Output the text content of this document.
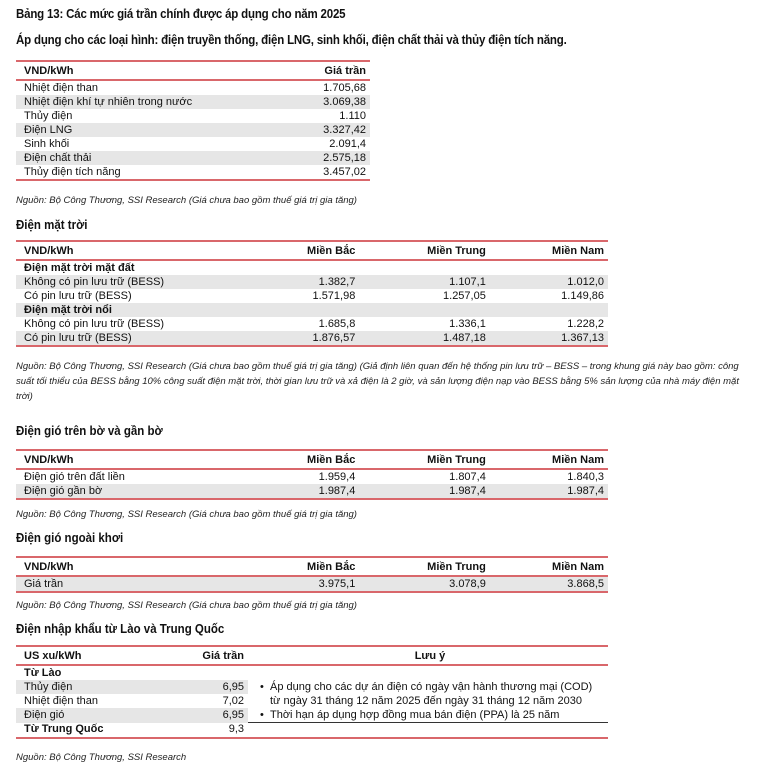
Bảng 13: Các mức giá trần chính được áp dụng cho năm 2025
Áp dụng cho các loại hình: điện truyền thống, điện LNG, sinh khối, điện chất thải và thủy điện tích năng.
VND/kWh	Giá trần
Nhiệt điện than	1.705,68
Nhiệt điện khí tự nhiên trong nước	3.069,38
Thủy điện	1.110
Điện LNG	3.327,42
Sinh khối	2.091,4
Điện chất thải	2.575,18
Thủy điện tích năng	3.457,02
Nguồn: Bộ Công Thương, SSI Research (Giá chưa bao gồm thuế giá trị gia tăng)
Điện mặt trời
VND/kWh	Miền Bắc	Miền Trung	Miền Nam
Điện mặt trời mặt đất			
Không có pin lưu trữ (BESS)	1.382,7	1.107,1	1.012,0
Có pin lưu trữ (BESS)	1.571,98	1.257,05	1.149,86
Điện mặt trời nổi			
Không có pin lưu trữ (BESS)	1.685,8	1.336,1	1.228,2
Có pin lưu trữ (BESS)	1.876,57	1.487,18	1.367,13
Nguồn: Bộ Công Thương, SSI Research (Giá chưa bao gồm thuế giá trị gia tăng) (Giả định liên quan đến hệ thống pin lưu trữ – BESS – trong khung giá này bao gồm: công suất tối thiểu của BESS bằng 10% công suất điện mặt trời, thời gian lưu trữ và xả điện là 2 giờ, và sản lượng điện nạp vào BESS bằng 5% sản lượng của nhà máy điện mặt trời)
Điện gió trên bờ và gần bờ
VND/kWh	Miền Bắc	Miền Trung	Miền Nam
Điện gió trên đất liền	1.959,4	1.807,4	1.840,3
Điện gió gần bờ	1.987,4	1.987,4	1.987,4
Nguồn: Bộ Công Thương, SSI Research (Giá chưa bao gồm thuế giá trị gia tăng)
Điện gió ngoài khơi
VND/kWh	Miền Bắc	Miền Trung	Miền Nam
Giá trần	3.975,1	3.078,9	3.868,5
Nguồn: Bộ Công Thương, SSI Research (Giá chưa bao gồm thuế giá trị gia tăng)
Điện nhập khẩu từ Lào và Trung Quốc
US xu/kWh	Giá trần	Lưu ý
Từ Lào		
Thủy điện	6,95	• Áp dụng cho các dự án điện có ngày vận hành thương mại (COD) từ ngày 31 tháng 12 năm 2025 đến ngày 31 tháng 12 năm 2030
• Thời hạn áp dụng hợp đồng mua bán điện (PPA) là 25 năm

Nhiệt điện than	7,02	
Điện gió	6,95	
Từ Trung Quốc	9,3	
Nguồn: Bộ Công Thương, SSI Research
